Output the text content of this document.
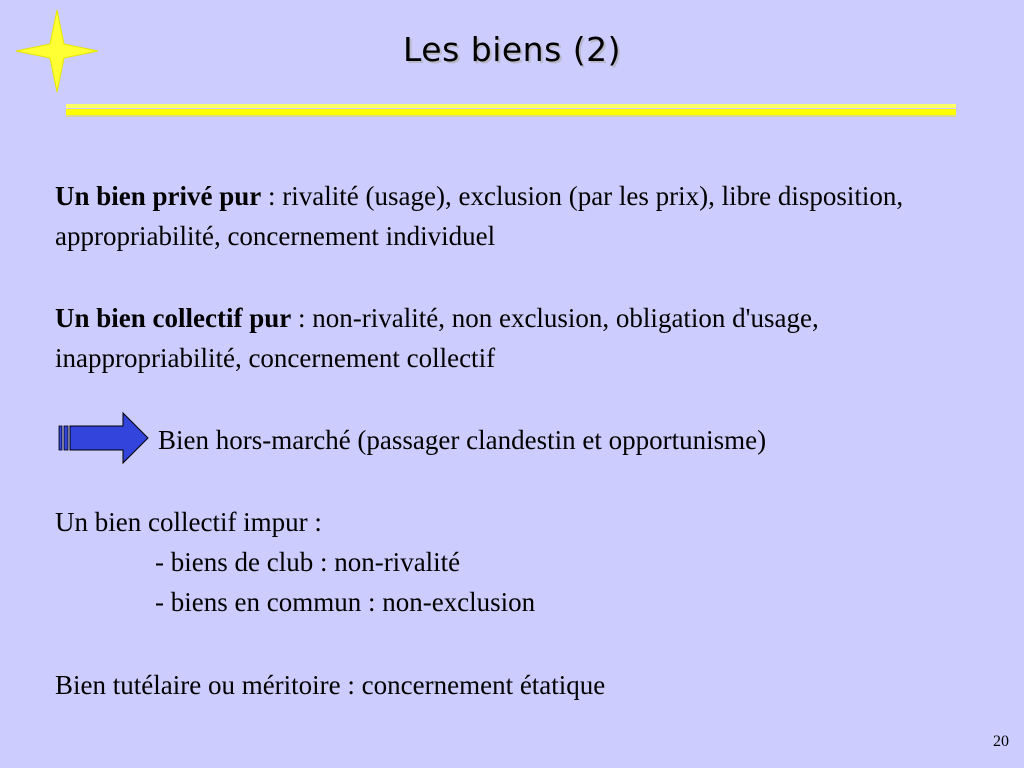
Les biens (2)

Un bien privé pur : rivalité (usage), exclusion (par les prix), libre disposition, appropriabilité, concernement individuel

Un bien collectif pur : non-rivalité, non exclusion, obligation d'usage, inappropriabilité, concernement collectif

Bien hors-marché (passager clandestin et opportunisme)

Un bien collectif impur :

- biens de club : non-rivalité

- biens en commun : non-exclusion

Bien tutélaire ou méritoire : concernement étatique

20
